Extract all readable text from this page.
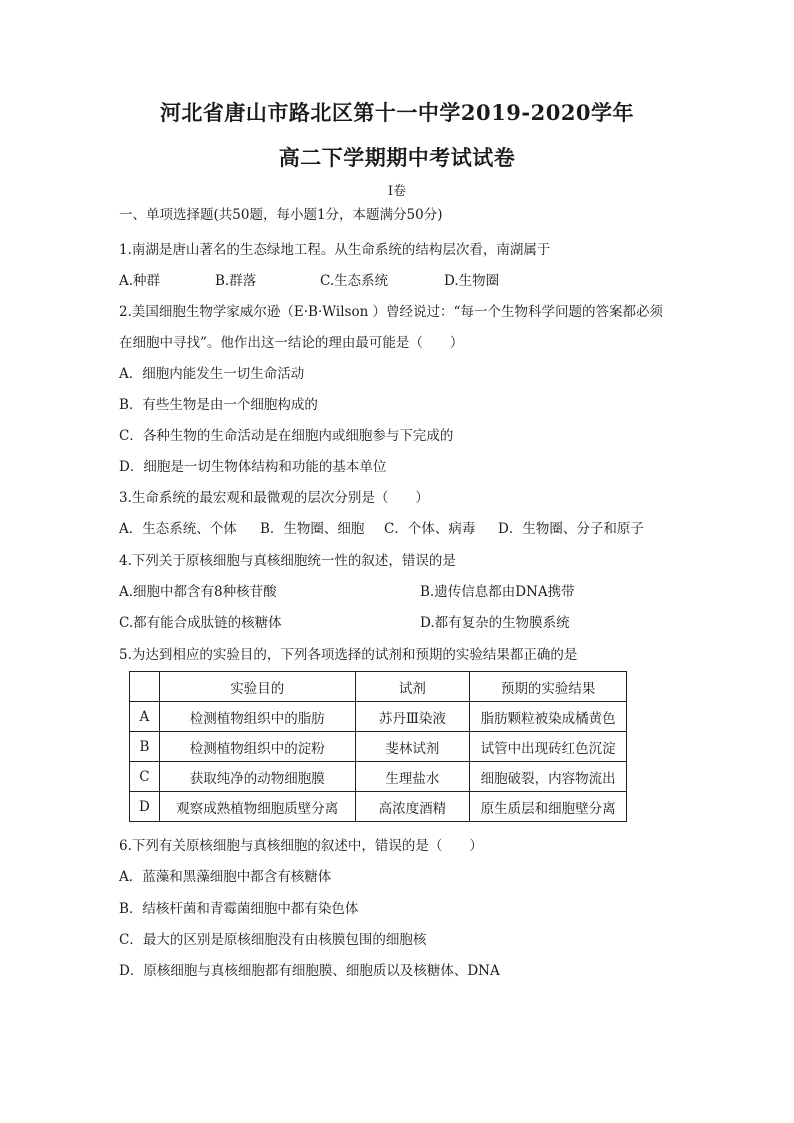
河北省唐山市路北区第十一中学2019-2020学年
高二下学期期中考试试卷
I卷
一、单项选择题(共50题，每小题1分，本题满分50分)
1.南湖是唐山著名的生态绿地工程。从生命系统的结构层次看，南湖属于
A.种群	B.群落	C.生态系统	D.生物圈
2.美国细胞生物学家威尔逊（E·B·Wilson ）曾经说过：“每一个生物科学问题的答案都必须
在细胞中寻找”。他作出这一结论的理由最可能是（　　）
A．细胞内能发生一切生命活动
B．有些生物是由一个细胞构成的
C．各种生物的生命活动是在细胞内或细胞参与下完成的
D．细胞是一切生物体结构和功能的基本单位
3.生命系统的最宏观和最微观的层次分别是（　　）
A．生态系统、个体 B．生物圈、细胞 C．个体、病毒 D．生物圈、分子和原子
4.下列关于原核细胞与真核细胞统一性的叙述，错误的是
A.细胞中都含有8种核苷酸	B.遗传信息都由DNA携带
C.都有能合成肽链的核糖体	D.都有复杂的生物膜系统
5.为达到相应的实验目的，下列各项选择的试剂和预期的实验结果都正确的是
	实验目的	试剂	预期的实验结果
A	检测植物组织中的脂肪	苏丹Ⅲ染液	脂肪颗粒被染成橘黄色
B	检测植物组织中的淀粉	斐林试剂	试管中出现砖红色沉淀
C	获取纯净的动物细胞膜	生理盐水	细胞破裂，内容物流出
D	观察成熟植物细胞质壁分离	高浓度酒精	原生质层和细胞壁分离
6.下列有关原核细胞与真核细胞的叙述中，错误的是（　　）
A．蓝藻和黑藻细胞中都含有核糖体
B．结核杆菌和青霉菌细胞中都有染色体
C．最大的区别是原核细胞没有由核膜包围的细胞核
D．原核细胞与真核细胞都有细胞膜、细胞质以及核糖体、DNA
